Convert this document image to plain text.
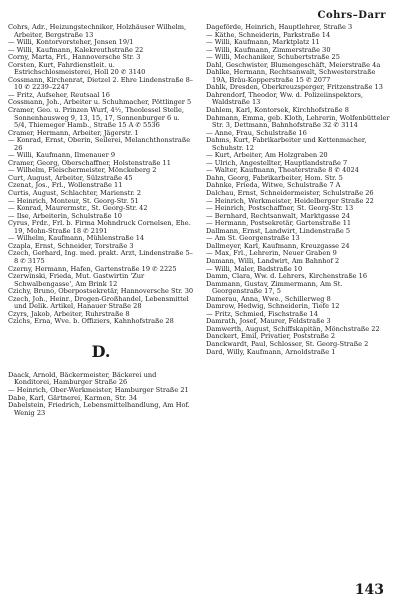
Cohrs–Darr

Cohrs, Adr., Heizungstechniker, Holzhäuser Wilhelm, Arbeiter, Bergstraße 13

— Willi, Kontorvorsteher, Jensen 19/1

— Willi, Kaufmann, Kalekreuthstraße 22

Corny, Marta, Frl., Hannoversche Str. 3

Corsten, Kurt, Fahrdienstleit. u. Estrichschlosmeisterei, Holl 20 ✆ 3140

Cossmann, Kirchenrat, Dietzel 2. Ehre Lindenstraße 8–10 ✆ 2239–2247

— Fritz, Aufseher, Reutsaal 16

Cossmann, Joh., Arbeiter u. Schuhmacher, Pöttlinger 5

Cramer, Geo. u. Prinzen Wurf, 4½, Theolessel Stelle, Sonnenhausweg 9, 13, 15, 17, Sonnenburger 6 u. 5/4, Thiemeger Hamb., Straße 15 A ✆ 5536

Cramer, Hermann, Arbeiter, Jägerstr. 1

— Konrad, Ernst, Oberin, Seilerei, Melanchthonstraße 26

— Willi, Kaufmann, Ilmenauer 9

Cramer, Georg, Oberschaffner, Holstenstraße 11

— Wilhelm, Fleischermeister, Mönckeberg 2

Curt, August, Arbeiter, Sülzstraße 45

Czenat, Jos., Frl., Wollenstraße 11

Curtis, August, Schlachter, Marienstr. 2

— Heinrich, Monteur, St. Georg-Str. 51

— Konrad, Maurermstr., St. Georg-Str. 42

— Ilse, Arbeiterin, Schulstraße 10

Cyrus, Frdr., Frl. b. Firma Mohndruck Cornelsen, Ehe. 19, Mohn-Straße 18 ✆ 2191

— Wilhelm, Kaufmann, Mühlenstraße 14

Czapla, Ernst, Schneider, Torstraße 3

Czech, Gerhard, Ing. med. prakt. Arzt, Lindenstraße 5–8 ✆ 3175

Czerny, Hermann, Hafen, Gartenstraße 19 ✆ 2225

Czerwinski, Frieda, Mut. Gastwirtin 'Zur Schwalbengasse', Am Brink 12

Czichy, Bruno, Oberpostsekretär, Hannoversche Str. 30

Czech, Joh., Heinr., Drogen-Großhandel, Lebensmittel und Delik. Artikel, Hanauer Straße 28

Czyrs, Jakob, Arbeiter, Ruhrstraße 8

Czichs, Erna, Wve. b. Offiziers, Kahnhofstraße 28

D.

Daack, Arnold, Bäckermeister, Bäckerei und Konditorei, Hamburger Straße 26

— Heinrich, Ober-Werkmeister, Hamburger Straße 21

Dabe, Karl, Gärtnerei, Karmen, Str. 34

Dabelstein, Friedrich, Lebensmittelhandlung, Am Hof. Wenig 23

Dageförde, Heinrich, Hauptlehrer, Straße 3

— Käthe, Schneiderin, Parkstraße 14

— Willi, Kaufmann, Marktplatz 11

— Willi, Kaufmann, Zimmerstraße 30

— Willi, Mechaniker, Schubertstraße 25

Dahl, Geschwister, Blumengeschäft, Meierstraße 4a

Dahlke, Hermann, Rechtsanwalt, Schwesterstraße 19A, Bräu-Kopperstraße 15 ✆ 2077

Dahlk, Dresden, Oberkreuzsperger, Fritzenstraße 13

Dahrendorf, Theodor, Ww. d. Polizeiinspektors, Waldstraße 13

Dahlem, Karl, Kontorsek, Kirchhofstraße 8

Dahmann, Emma, geb. Kloth, Lehrerin, Wolfenbütteler Str. 3, Dettmann, Bahnhofstraße 32 ✆ 3114

— Anne, Frau, Schulstraße 16

Dahms, Kurt, Fabrikarbeiter und Kettenmacher, Schuhstr. 12

— Kurt, Arbeiter, Am Holzgraben 20

— Ulrich, Angestellter, Hauptlandstraße 7

— Walter, Kaufmann, Theaterstraße 8 ✆ 4024

Dahn, Georg, Fabrikarbeiter, Hom. Str. 5

Dahnke, Frieda, Witwe, Schulstraße 7 A

Dalchau, Ernst, Schneidermeister, Schulstraße 26

— Heinrich, Werkmeister, Heidelberger Straße 22

— Heinrich, Postschaffner, St. Georg-Str. 13

— Bernhard, Rechtsanwalt, Marktgasse 24

— Hermann, Postsekretär, Gartenstraße 11

Dallmann, Ernst, Landwirt, Lindenstraße 5

— Am St. Georgenstraße 13

Dallmeyer, Karl, Kaufmann, Kreuzgasse 24

— Max, Frl., Lehrerin, Neuer Graben 9

Damann, Willi, Landwirt, Am Bahnhof 2

— Willi, Maler, Badstraße 10

Damm, Clara, Ww. d. Lehrers, Kirchenstraße 16

Dammann, Gustav, Zimmermann, Am St. Georgenstraße 17, 5

Damerau, Anna, Wwe., Schillerweg 8

Damrow, Hedwig, Schneiderin, Tiefe 12

— Fritz, Schmied, Fischstraße 14

Damrath, Josef, Maurer, Feldstraße 3

Damwerth, August, Schiffskapitän, Mönchstraße 22

Danckert, Emil, Privatier, Poststraße 2

Danckwardt, Paul, Schlosser, St. Georg-Straße 2

Dard, Willy, Kaufmann, Arnoldstraße 1

143
